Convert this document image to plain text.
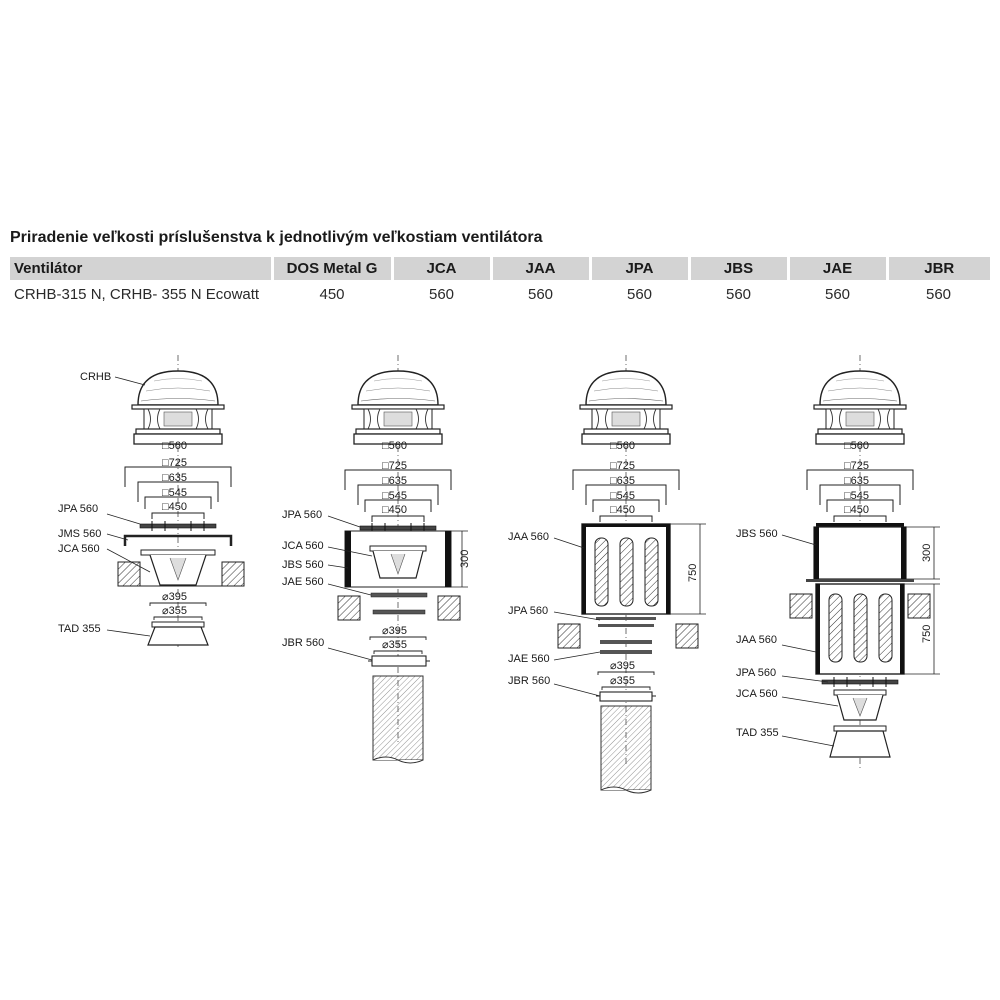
Priradenie veľkosti príslušenstva k jednotlivým veľkostiam ventilátora
Ventilátor	DOS Metal G	JCA	JAA	JPA	JBS	JAE	JBR
CRHB-315 N, CRHB- 355 N Ecowatt	450	560	560	560	560	560	560
CRHB
□560
□725
□635
□545
□450
JPA 560
JMS 560
JCA 560
⌀395
⌀355
TAD 355
□560
□725
□635
□545
□450
300
JPA 560
JCA 560
JBS 560
JAE 560
⌀395
⌀355
JBR 560
□560
□725
□635
□545
□450
750
JAA 560
JPA 560
JAE 560
⌀395
⌀355
JBR 560
□560
□725
□635
□545
□450
300
750
JBS 560
JAA 560
JPA 560
JCA 560
TAD 355
